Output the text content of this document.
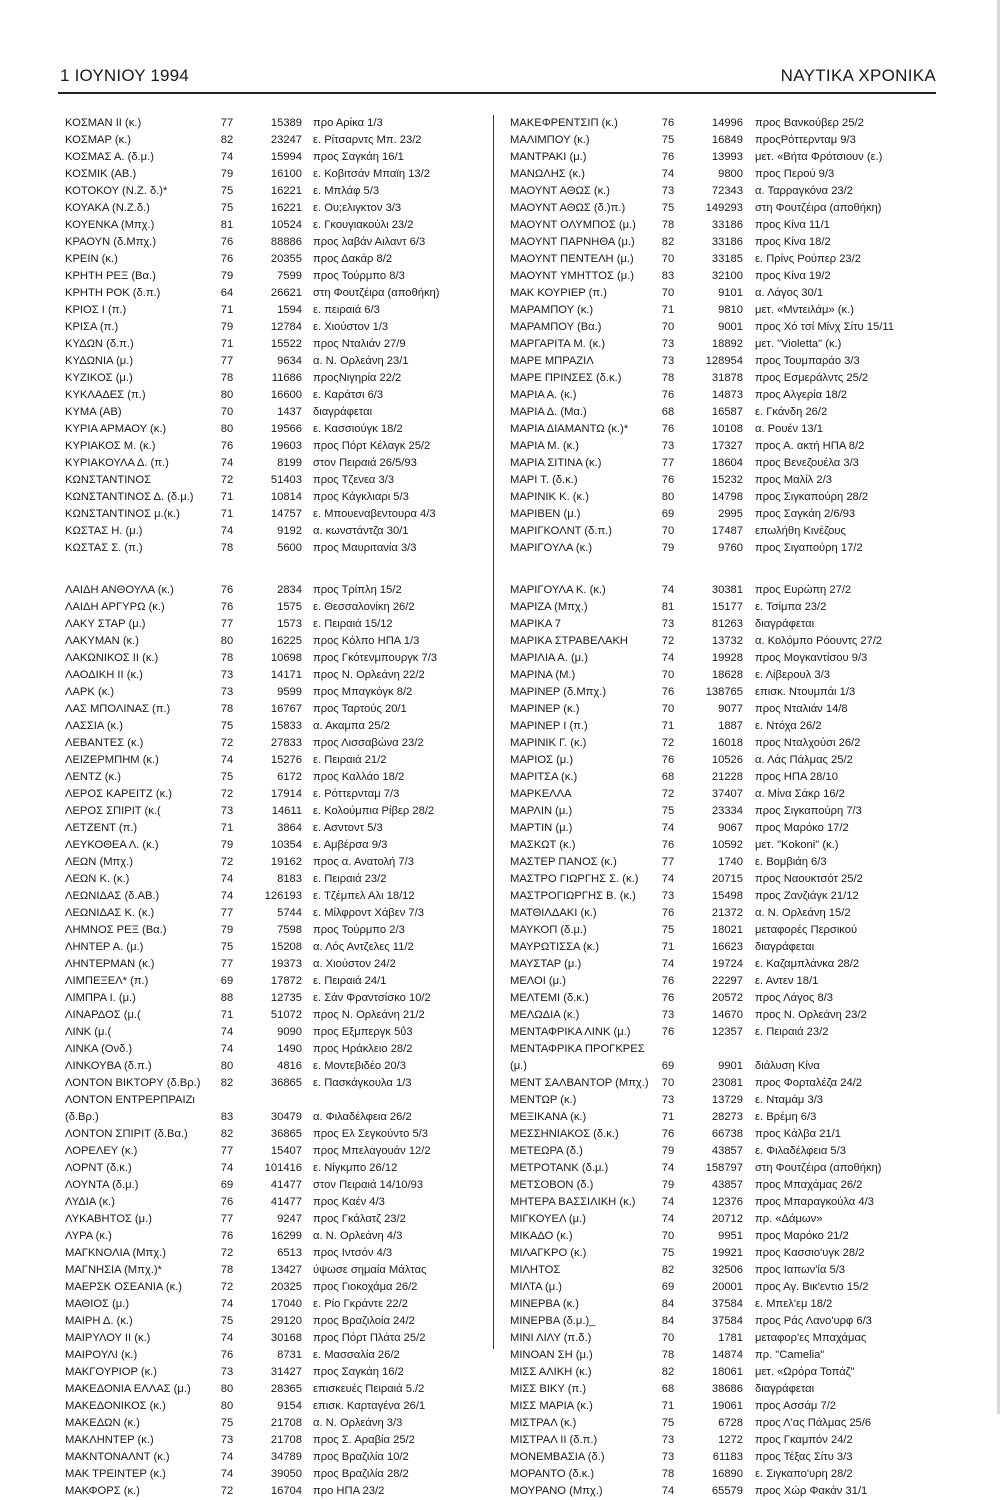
1 ΙΟΥΝΙΟΥ 1994	ΝΑΥΤΙΚΑ ΧΡΟΝΙΚΑ
ΚΟΣΜΑΝ ΙΙ (κ.)	77	15389 προ Αρίκα 1/3
ΚΟΣΜΑΡ (κ.)	82	23247 ε. Ρίτσαρντς Μπ. 23/2
ΚΟΣΜΑΣ Α. (δ.μ.)	74	15994 προς Σαγκάη 16/1
ΚΟΣΜΙΚ (ΑΒ.)	79	16100 ε. Κοβιτσάν Μπαϊη 13/2
ΚΟΤΟΚΟΥ (Ν.Ζ. δ.)*	75	16221 ε. Μπλάφ 5/3
ΚΟΥΑΚΑ (Ν.Ζ.δ.)	75	16221 ε. Ου;ελιγκτον 3/3
ΚΟΥΕΝΚΑ (Μπχ.)	81	10524 ε. Γκουγιακούλι 23/2
ΚΡΑΟΥΝ (δ.Μπχ.)	76	88886 προς λαβάν Αιλαντ 6/3
ΚΡΕΙΝ (κ.)	76	20355 προς Δακάρ 8/2
ΚΡΗΤΗ ΡΕΞ (Βα.)	79	7599 προς Τούρμπο 8/3
ΚΡΗΤΗ ΡΟΚ (δ.π.)	64	26621 στη Φουτζέιρα (αποθήκη)
ΚΡΙΟΣ Ι (π.)	71	1594 ε. πειραιά 6/3
ΚΡΙΣΑ (π.)	79	12784 ε. Χιούστον 1/3
ΚΥΔΩΝ (δ.π.)	71	15522 προς Νταλιάν 27/9
ΚΥΔΩΝΙΑ (μ.)	77	9634 α. Ν. Ορλεάνη 23/1
ΚΥΖΙΚΟΣ (μ.)	78	11686 προςΝιγηρία 22/2
ΚΥΚΛΑΔΕΣ (π.)	80	16600 ε. Καράτσι 6/3
ΚΥΜΑ (ΑΒ)	70	1437 διαγράφεται
ΚΥΡΙΑ ΑΡΜΑΟΥ (κ.)	80	19566 ε. Κασσιούγκ 18/2
ΚΥΡΙΑΚΟΣ Μ. (κ.)	76	19603 προς Πόρτ Κέλαγκ 25/2
ΚΥΡΙΑΚΟΥΛΑ Δ. (π.)	74	8199 στον Πειραιά 26/5/93
ΚΩΝΣΤΑΝΤΙΝΟΣ	72	51403 προς Τζενεα 3/3
ΚΩΝΣΤΑΝΤΙΝΟΣ Δ. (δ.μ.)	71	10814 προς Κάγκλιαρι 5/3
ΚΩΝΣΤΑΝΤΙΝΟΣ μ.(κ.)	71	14757 ε. Μπουεναβεντουρα 4/3
ΚΩΣΤΑΣ Η. (μ.)	74	9192 α. κωνστάντζα 30/1
ΚΩΣΤΑΣ Σ. (π.)	78	5600 προς Μαυριτανία 3/3
ΛΑΙΔΗ ΑΝΘΟΥΛΑ (κ.)	76	2834 προς Τρίπλη 15/2
ΛΑΙΔΗ ΑΡΓΥΡΩ (κ.)	76	1575 ε. Θεσσαλονίκη 26/2
ΛΑΚΥ ΣΤΑΡ (μ.)	77	1573 ε. Πειραιά 15/12
ΛΑΚΥΜΑΝ (κ.)	80	16225 προς Κόλπο ΗΠΑ 1/3
ΛΑΚΩΝΙΚΟΣ ΙΙ (κ.)	78	10698 προς Γκότενμπουργκ 7/3
ΛΑΟΔΙΚΗ ΙΙ (κ.)	73	14171 προς Ν. Ορλεάνη 22/2
ΛΑΡΚ (κ.)	73	9599 προς Μπαγκόγκ 8/2
ΛΑΣ ΜΠΟΛΙΝΑΣ (π.)	78	16767 προς Ταρτούς 20/1
ΛΑΣΣΙΑ (κ.)	75	15833 α. Ακαμπα 25/2
ΛΕΒΑΝΤΕΣ (κ.)	72	27833 προς Λισσαβώνα 23/2
ΛΕΙΖΕΡΜΠΗΜ (κ.)	74	15276 ε. Πειραιά 21/2
ΛΕΝΤΖ (κ.)	75	6172 προς Καλλάο 18/2
ΛΕΡΟΣ ΚΑΡΕΙΤΖ (κ.)	72	17914 ε. Ρόττερνταμ 7/3
ΛΕΡΟΣ ΣΠΙΡΙΤ (κ.(	73	14611 ε. Κολούμπια Ρίβερ 28/2
ΛΕΤΖΕΝΤ (π.)	71	3864 ε. Ασντοντ 5/3
ΛΕΥΚΟΘΕΑ Λ. (κ.)	79	10354 ε. Αμβέρσα 9/3
ΛΕΩΝ (Μπχ.)	72	19162 προς α. Ανατολή 7/3
ΛΕΩΝ Κ. (κ.)	74	8183 ε. Πειραιά 23/2
ΛΕΩΝΙΔΑΣ (δ.ΑΒ.)	74	126193 ε. Τζέμπελ Αλι 18/12
ΛΕΩΝΙΔΑΣ Κ. (κ.)	77	5744 ε. Μίλφροντ Χάβεν 7/3
ΛΗΜΝΟΣ ΡΕΞ (Βα.)	79	7598 προς Τούρμπο 2/3
ΛΗΝΤΕΡ Α. (μ.)	75	15208 α. Λός Αντζελες 11/2
ΛΗΝΤΕΡΜΑΝ (κ.)	77	19373 α. Χιούστον 24/2
ΛΙΜΠΕΞΕΛ* (π.)	69	17872 ε. Πειραιά 24/1
ΛΙΜΠΡΑ Ι. (μ.)	88	12735 ε. Σάν Φραντσίσκο 10/2
ΛΙΝΑΡΔΟΣ (μ.(	71	51072 προς Ν. Ορλεάνη 21/2
ΛΙΝΚ (μ.(	74	9090 προς Εξμπεργκ 5ΰ3
ΛΙΝΚΑ (Ονδ.)	74	1490 προς Ηράκλειο 28/2
ΛΙΝΚΟΥΒΑ (δ.π.)	80	4816 ε. Μοντεβιδέο 20/3
ΛΟΝΤΟΝ ΒΙΚΤΟΡΥ (δ.Βρ.)	82	36865 ε. Πασκάγκουλα 1/3
ΛΟΝΤΟΝ ΕΝΤΡΕΡΠΡΑΙΖι
(δ.Βρ.)	83	30479 α. Φιλαδέλφεια 26/2
ΛΟΝΤΟΝ ΣΠΙΡΙΤ (δ.Βα.)	82	36865 προς Ελ Σεγκούντο 5/3
ΛΟΡΕΛΕΥ (κ.)	77	15407 προς Μπελαγουάν 12/2
ΛΟΡΝΤ (δ.κ.)	74	101416 ε. Νίγκμπο 26/12
ΛΟΥΝΤΑ (δ.μ.)	69	41477 στον Πειραιά 14/10/93
ΛΥΔΙΑ (κ.)	76	41477 προς Καέν 4/3
ΛΥΚΑΒΗΤΟΣ (μ.)	77	9247 προς Γκάλατζ 23/2
ΛΥΡΑ (κ.)	76	16299 α. Ν. Ορλεάνη 4/3
ΜΑΓΚΝΟΛΙΑ (Μπχ.)	72	6513 προς Ιντσόν 4/3
ΜΑΓΝΗΣΙΑ (Μπχ.)*	78	13427 ύψωσε σημαία Μάλτας
ΜΑΕΡΣΚ ΟΣΕΑΝΙΑ (κ.)	72	20325 προς Γιοκοχάμα 26/2
ΜΑΘΙΟΣ (μ.)	74	17040 ε. Ρίο Γκράντε 22/2
ΜΑΙΡΗ Δ. (κ.)	75	29120 προς Βραζιλοία 24/2
ΜΑΙΡΥΛΟΥ ΙΙ (κ.)	74	30168 προς Πόρτ Πλάτα 25/2
ΜΑΙΡΟΥΛΙ (κ.)	76	8731 ε. Μασσαλία 26/2
ΜΑΚΓΟΥΡΙΟΡ (κ.)	73	31427 προς Σαγκάη 16/2
ΜΑΚΕΔΟΝΙΑ ΕΛΛΑΣ (μ.)	80	28365 επισκευές Πειραιά 5./2
ΜΑΚΕΔΟΝΙΚΟΣ (κ.)	80	9154 επισκ. Καρταγένα 26/1
ΜΑΚΕΔΩΝ (κ.)	75	21708 α. Ν. Ορλεάνη 3/3
ΜΑΚΛΗΝΤΕΡ (κ.)	73	21708 προς Σ. Αραβία 25/2
ΜΑΚΝΤΟΝΑΛΝΤ (κ.)	74	34789 προς Βραζιλία 10/2
ΜΑΚ ΤΡΕΙΝΤΕΡ (κ.)	74	39050 προς Βραζιλία 28/2
ΜΑΚΦΟΡΣ (κ.)	72	16704 προ ΗΠΑ 23/2
ΜΑΚΕΦΡΕΝΤΣΙΠ (κ.)	76	14996 προς Βανκούβερ 25/2
ΜΑΛΙΜΠΟΥ (κ.)	75	16849 προςΡόττερνταμ 9/3
ΜΑΝΤΡΑΚΙ (μ.)	76	13993 μετ. «Βήτα Φρότσιουν (ε.)
ΜΑΝΩΛΗΣ (κ.)	74	9800 προς Περού 9/3
ΜΑΟΥΝΤ ΑΘΩΣ (κ.)	73	72343 α. Ταρραγκόνα 23/2
ΜΑΟΥΝΤ ΑΘΩΣ (δ.)π.)	75	149293 στη Φουτζέιρα (αποθήκη)
ΜΑΟΥΝΤ ΟΛΥΜΠΟΣ (μ.)	78	33186 προς Κίνα 11/1
ΜΑΟΥΝΤ ΠΑΡΝΗΘΑ (μ.)	82	33186 προς Κίνα 18/2
ΜΑΟΥΝΤ ΠΕΝΤΕΛΗ (μ.)	70	33185 ε. Πρίνς Ρούπερ 23/2
ΜΑΟΥΝΤ ΥΜΗΤΤΟΣ (μ.)	83	32100 προς Κίνα 19/2
ΜΑΚ ΚΟΥΡΙΕΡ (π.)	70	9101 α. Λάγος 30/1
ΜΑΡΑΜΠΟΥ (κ.)	71	9810 μετ. «Μντειλάμ» (κ.)
ΜΑΡΑΜΠΟΥ (Βα.)	70	9001 προς Χό τσί Μίνχ Σίτυ 15/11
ΜΑΡΓΑΡΙΤΑ Μ. (κ.)	73	18892 μετ. "Violetta" (κ.)
ΜΑΡΕ ΜΠΡΑΖΙΛ	73	128954 προς Τουμπαράο 3/3
ΜΑΡΕ ΠΡΙΝΣΕΣ (δ.κ.)	78	31878 προς Εσμεράλντς 25/2
ΜΑΡΙΑ Α. (κ.)	76	14873 προς Αλγερία 18/2
ΜΑΡΙΑ Δ. (Μα.)	68	16587 ε. Γκάνδη 26/2
ΜΑΡΙΑ ΔΙΑΜΑΝΤΩ (κ.)*	76	10108 α. Ρουέν 13/1
ΜΑΡΙΑ Μ. (κ.)	73	17327 προς Α. ακτή ΗΠΑ 8/2
ΜΑΡΙΑ ΣΙΤΙΝΑ (κ.)	77	18604 προς Βενεζουέλα 3/3
ΜΑΡΙ Τ. (δ.κ.)	76	15232 προς Μαλίλ 2/3
ΜΑΡΙΝΙΚ Κ. (κ.)	80	14798 προς Σιγκαπούρη 28/2
ΜΑΡΙΒΕΝ (μ.)	69	2995 προς Σαγκάη 2/6/93
ΜΑΡΙΓΚΟΛΝΤ (δ.π.)	70	17487 επωλήθη Κινέζους
ΜΑΡΙΓΟΥΛΑ (κ.)	79	9760 προς Σιγαπούρη 17/2
ΜΑΡΙΓΟΥΛΑ Κ. (κ.)	74	30381 προς Ευρώπη 27/2
ΜΑΡΙΖΑ (Μπχ.)	81	15177 ε. Τσίμπα 23/2
ΜΑΡΙΚΑ 7	73	81263 διαγράφεται
ΜΑΡΙΚΑ ΣΤΡΑΒΕΛΑΚΗ	72	13732 α. Κολόμπο Ρόουντς 27/2
ΜΑΡΙΛΙΑ Α. (μ.)	74	19928 προς Μογκαντίσου 9/3
ΜΑΡΙΝΑ (Μ.)	70	18628 ε. Λίβερουλ 3/3
ΜΑΡΙΝΕΡ (δ.Μπχ.)	76	138765 επισκ. Ντουμπάι 1/3
ΜΑΡΙΝΕΡ (κ.)	70	9077 προς Νταλιάν 14/8
ΜΑΡΙΝΕΡ Ι (π.)	71	1887 ε. Ντόχα 26/2
ΜΑΡΙΝΙΚ Γ. (κ.)	72	16018 προς Νταλχούσι 26/2
ΜΑΡΙΟΣ (μ.)	76	10526 α. Λάς Πάλμας 25/2
ΜΑΡΙΤΣΑ (κ.)	68	21228 προς ΗΠΑ 28/10
ΜΑΡΚΕΛΛΑ	72	37407 α. Μίνα Σάκρ 16/2
ΜΑΡΛΙΝ (μ.)	75	23334 προς Σιγκαπούρη 7/3
ΜΑΡΤΙΝ (μ.)	74	9067 προς Μαρόκο 17/2
ΜΑΣΚΩΤ (κ.)	76	10592 μετ. "Kokoni" (κ.)
ΜΑΣΤΕΡ ΠΑΝΟΣ (κ.)	77	1740 ε. Βομβιάη 6/3
ΜΑΣΤΡΟ ΓΙΩΡΓΗΣ Σ. (κ.)	74	20715 προς Ναουκτσότ 25/2
ΜΑΣΤΡΟΓΙΩΡΓΗΣ Β. (κ.)	73	15498 προς Ζανζιάγκ 21/12
ΜΑΤΘΙΛΔΑΚΙ (κ.)	76	21372 α. Ν. Ορλεάνη 15/2
ΜΑΥΚΟΠ (δ.μ.)	75	18021 μεταφορές Περσικού
ΜΑΥΡΩΤΙΣΣΑ (κ.)	71	16623 διαγράφεται
ΜΑΥΣΤΑΡ (μ.)	74	19724 ε. Καζαμπλάνκα 28/2
ΜΕΛΟΙ (μ.)	76	22297 ε. Αντεν 18/1
ΜΕΛΤΕΜΙ (δ.κ.)	76	20572 προς Λάγος 8/3
ΜΕΛΩΔΙΑ (κ.)	73	14670 προς Ν. Ορλεάνη 23/2
ΜΕΝΤΑΦΡΙΚΑ ΛΙΝΚ (μ.)	76	12357 ε. Πειραιά 23/2
ΜΕΝΤΑΦΡΙΚΑ ΠΡΟΓΚΡΕΣ
(μ.)	69	9901 διάλυση Κίνα
ΜΕΝΤ ΣΑΛΒΑΝΤΟΡ (Μπχ.)	70	23081 προς Φορταλέζα 24/2
ΜΕΝΤΩΡ (κ.)	73	13729 ε. Νταμάμ 3/3
ΜΕΞΙΚΑΝΑ (κ.)	71	28273 ε. Βρέμη 6/3
ΜΕΣΣΗΝΙΑΚΟΣ (δ.κ.)	76	66738 προς Κάλβα 21/1
ΜΕΤΕΩΡΑ (δ.)	79	43857 ε. Φιλαδέλφεια 5/3
ΜΕΤΡΟΤΑΝΚ (δ.μ.)	74	158797 στη Φουτζέιρα (αποθήκη)
ΜΕΤΣΟΒΟΝ (δ.)	79	43857 προς Μπαχάμας 26/2
ΜΗΤΕΡΑ ΒΑΣΣΙΛΙΚΗ (κ.)	74	12376 προς Μπαραγκούλα 4/3
ΜΙΓΚΟΥΕΛ (μ.)	74	20712 πρ. «Δάμων»
ΜΙΚΑΔΟ (κ.)	70	9951 προς Μαρόκο 21/2
ΜΙΛΑΓΚΡΟ (κ.)	75	19921 προς Κασσιο'υγκ 28/2
ΜΙΛΗΤΟΣ	82	32506 προς Ιαπων'ία 5/3
ΜΙΛΤΑ (μ.)	69	20001 προς Αγ. Βικ'εντιο 15/2
ΜΙΝΕΡΒΑ (κ.)	84	37584 ε. Μπελ'εμ 18/2
ΜΙΝΕΡΒΑ (δ.μ.)_	84	37584 προς Ράς Λανο'υρφ 6/3
ΜΙΝΙ ΛΙΛΥ (π.δ.)	70	1781 μεταφορ'ες Μπαχάμας
ΜΙΝΟΑΝ ΣΗ (μ.)	78	14874 πρ. "Camelia"
ΜΙΣΣ ΑΛΙΚΗ (κ.)	82	18061 μετ. «Ωρόρα Τοπάζ"
ΜΙΣΣ ΒΙΚΥ (π.)	68	38686 διαγράφεται
ΜΙΣΣ ΜΑΡΙΑ (κ.)	71	19061 προς Ασσάμ 7/2
ΜΙΣΤΡΑΛ (κ.)	75	6728 προς Λ'ας Πάλμας 25/6
ΜΙΣΤΡΑΛ ΙΙ (δ.π.)	73	1272 προς Γκαμπόν 24/2
ΜΟΝΕΜΒΑΣΙΑ (δ.)	73	61183 προς Τέξας Σίτυ 3/3
ΜΟΡΑΝΤΟ (δ.κ.)	78	16890 ε. Σιγκαπο'υρη 28/2
ΜΟΥΡΑΝΟ (Μπχ.)	74	65579 προς Χώρ Φακάν 31/1
